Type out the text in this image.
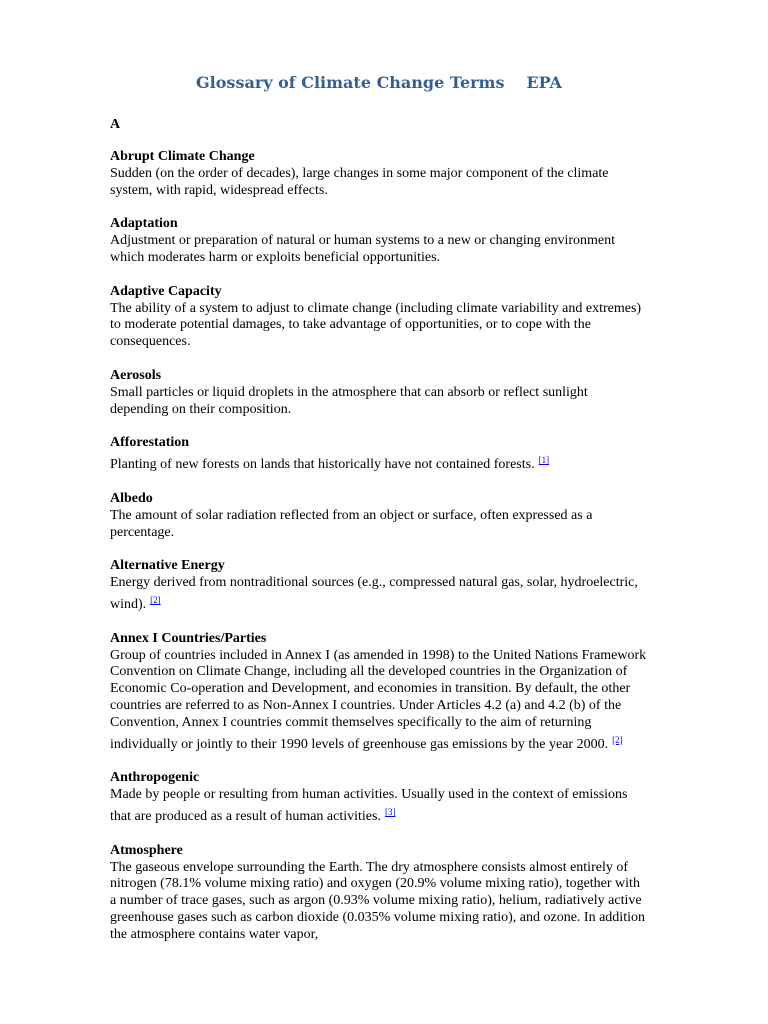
Glossary of Climate Change Terms EPA
A
Abrupt Climate Change
Sudden (on the order of decades), large changes in some major component of the climate system, with rapid, widespread effects.
Adaptation
Adjustment or preparation of natural or human systems to a new or changing environment which moderates harm or exploits beneficial opportunities.
Adaptive Capacity
The ability of a system to adjust to climate change (including climate variability and extremes) to moderate potential damages, to take advantage of opportunities, or to cope with the consequences.
Aerosols
Small particles or liquid droplets in the atmosphere that can absorb or reflect sunlight depending on their composition.
Afforestation
Planting of new forests on lands that historically have not contained forests. [1]
Albedo
The amount of solar radiation reflected from an object or surface, often expressed as a percentage.
Alternative Energy
Energy derived from nontraditional sources (e.g., compressed natural gas, solar, hydroelectric, wind). [2]
Annex I Countries/Parties
Group of countries included in Annex I (as amended in 1998) to the United Nations Framework Convention on Climate Change, including all the developed countries in the Organization of Economic Co-operation and Development, and economies in transition. By default, the other countries are referred to as Non-Annex I countries. Under Articles 4.2 (a) and 4.2 (b) of the Convention, Annex I countries commit themselves specifically to the aim of returning individually or jointly to their 1990 levels of greenhouse gas emissions by the year 2000. [2]
Anthropogenic
Made by people or resulting from human activities. Usually used in the context of emissions that are produced as a result of human activities. [3]
Atmosphere
The gaseous envelope surrounding the Earth. The dry atmosphere consists almost entirely of nitrogen (78.1% volume mixing ratio) and oxygen (20.9% volume mixing ratio), together with a number of trace gases, such as argon (0.93% volume mixing ratio), helium, radiatively active greenhouse gases such as carbon dioxide (0.035% volume mixing ratio), and ozone. In addition the atmosphere contains water vapor,
